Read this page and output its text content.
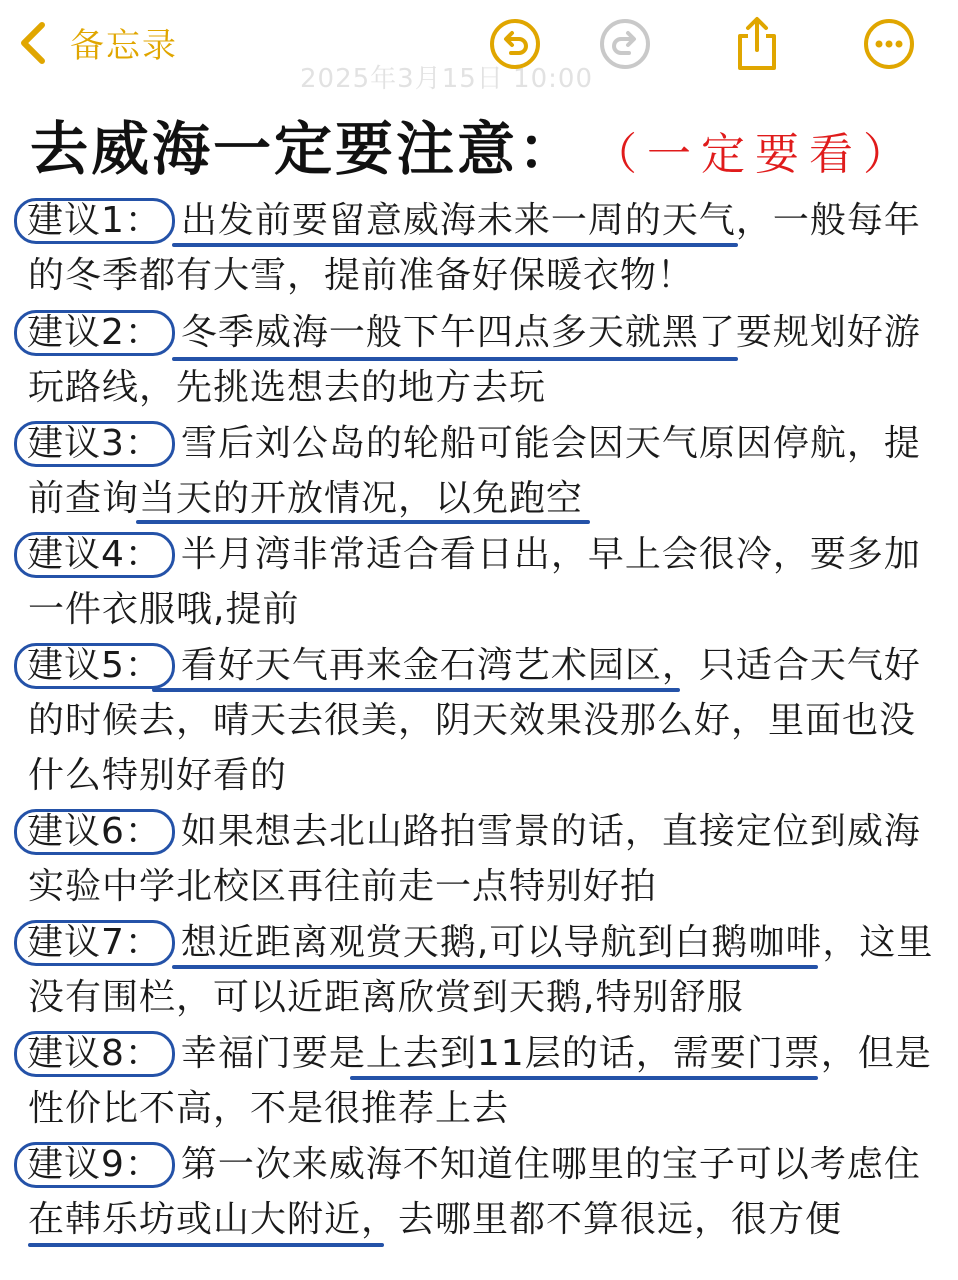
备忘录
2025年3月15日 10:00
去威海一定要注意： （一定要看）
建议1： 出发前要留意威海未来一周的天气，一般每年
的冬季都有大雪，提前准备好保暖衣物！
建议2： 冬季威海一般下午四点多天就黑了要规划好游
玩路线，先挑选想去的地方去玩
建议3： 雪后刘公岛的轮船可能会因天气原因停航，提
前查询当天的开放情况，以免跑空
建议4： 半月湾非常适合看日出，早上会很冷，要多加
一件衣服哦,提前
建议5： 看好天气再来金石湾艺术园区，只适合天气好
的时候去，晴天去很美，阴天效果没那么好，里面也没
什么特别好看的
建议6： 如果想去北山路拍雪景的话，直接定位到威海
实验中学北校区再往前走一点特别好拍
建议7： 想近距离观赏天鹅,可以导航到白鹅咖啡，这里
没有围栏，可以近距离欣赏到天鹅,特别舒服
建议8： 幸福门要是上去到11层的话，需要门票，但是
性价比不高，不是很推荐上去
建议9： 第一次来威海不知道住哪里的宝子可以考虑住
在韩乐坊或山大附近，去哪里都不算很远，很方便
